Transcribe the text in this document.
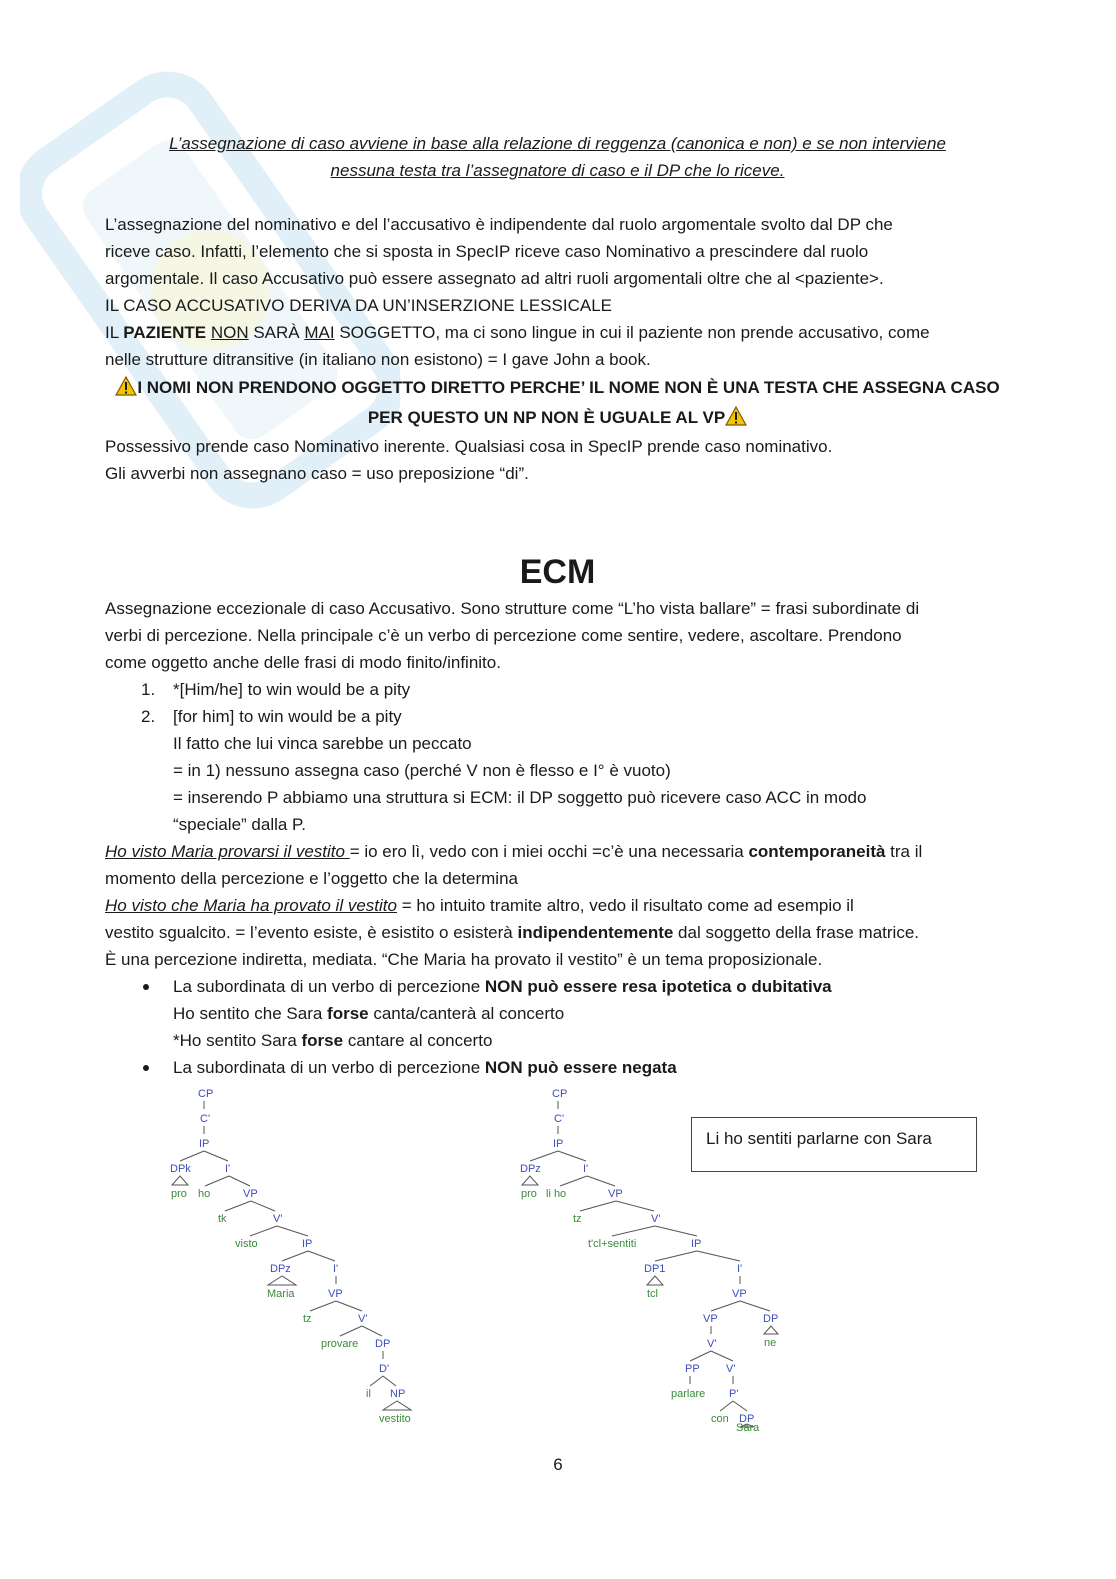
L’assegnazione di caso avviene in base alla relazione di reggenza (canonica e non) e se non interviene

nessuna testa tra l’assegnatore di caso e il DP che lo riceve.

L’assegnazione del nominativo e del l’accusativo è indipendente dal ruolo argomentale svolto dal DP che

riceve caso. Infatti, l’elemento che si sposta in SpecIP riceve caso Nominativo a prescindere dal ruolo

argomentale. Il caso Accusativo può essere assegnato ad altri ruoli argomentali oltre che al <paziente>.

IL CASO ACCUSATIVO DERIVA DA UN’INSERZIONE LESSICALE

IL PAZIENTE NON SARÀ MAI SOGGETTO, ma ci sono lingue in cui il paziente non prende accusativo, come

nelle strutture ditransitive (in italiano non esistono) = I gave John a book.

I NOMI NON PRENDONO OGGETTO DIRETTO PERCHE’ IL NOME NON È UNA TESTA CHE ASSEGNA CASO

PER QUESTO UN NP NON È UGUALE AL VP

Possessivo prende caso Nominativo inerente. Qualsiasi cosa in SpecIP prende caso nominativo.

Gli avverbi non assegnano caso = uso preposizione “di”.

ECM

Assegnazione eccezionale di caso Accusativo. Sono strutture come “L’ho vista ballare” = frasi subordinate di

verbi di percezione. Nella principale c’è un verbo di percezione come sentire, vedere, ascoltare. Prendono

come oggetto anche delle frasi di modo finito/infinito.

1. *[Him/he] to win would be a pity
2. [for him] to win would be a pity

Il fatto che lui vinca sarebbe un peccato

= in 1) nessuno assegna caso (perché V non è flesso e I° è vuoto)

= inserendo P abbiamo una struttura si ECM: il DP soggetto può ricevere caso ACC in modo

“speciale” dalla P.

Ho visto Maria provarsi il vestito = io ero lì, vedo con i miei occhi =c’è una necessaria contemporaneità tra il

momento della percezione e l’oggetto che la determina

Ho visto che Maria ha provato il vestito = ho intuito tramite altro, vedo il risultato come ad esempio il

vestito sgualcito. = l’evento esiste, è esistito o esisterà indipendentemente dal soggetto della frase matrice.

È una percezione indiretta, mediata. “Che Maria ha provato il vestito” è un tema proposizionale.

La subordinata di un verbo di percezione NON può essere resa ipotetica o dubitativa

Ho sentito che Sara forse canta/canterà al concerto

*Ho sentito Sara forse cantare al concerto

La subordinata di un verbo di percezione NON può essere negata

CP
C'
IP
DPk	I'
pro ho	VP
tk	V'
visto	IP
DPz	I'
Maria	VP
tz	V'
provare DP
D'
il NP
vestito
CP
C'
IP
DPz	I'
pro li ho	VP
tz	V'
t'cl+sentiti	IP
DP1	I'
tcl	VP
VP	DP
ne
V'
PP V'
parlare P'
con DP
Sara
Li ho sentiti parlarne con Sara
6
